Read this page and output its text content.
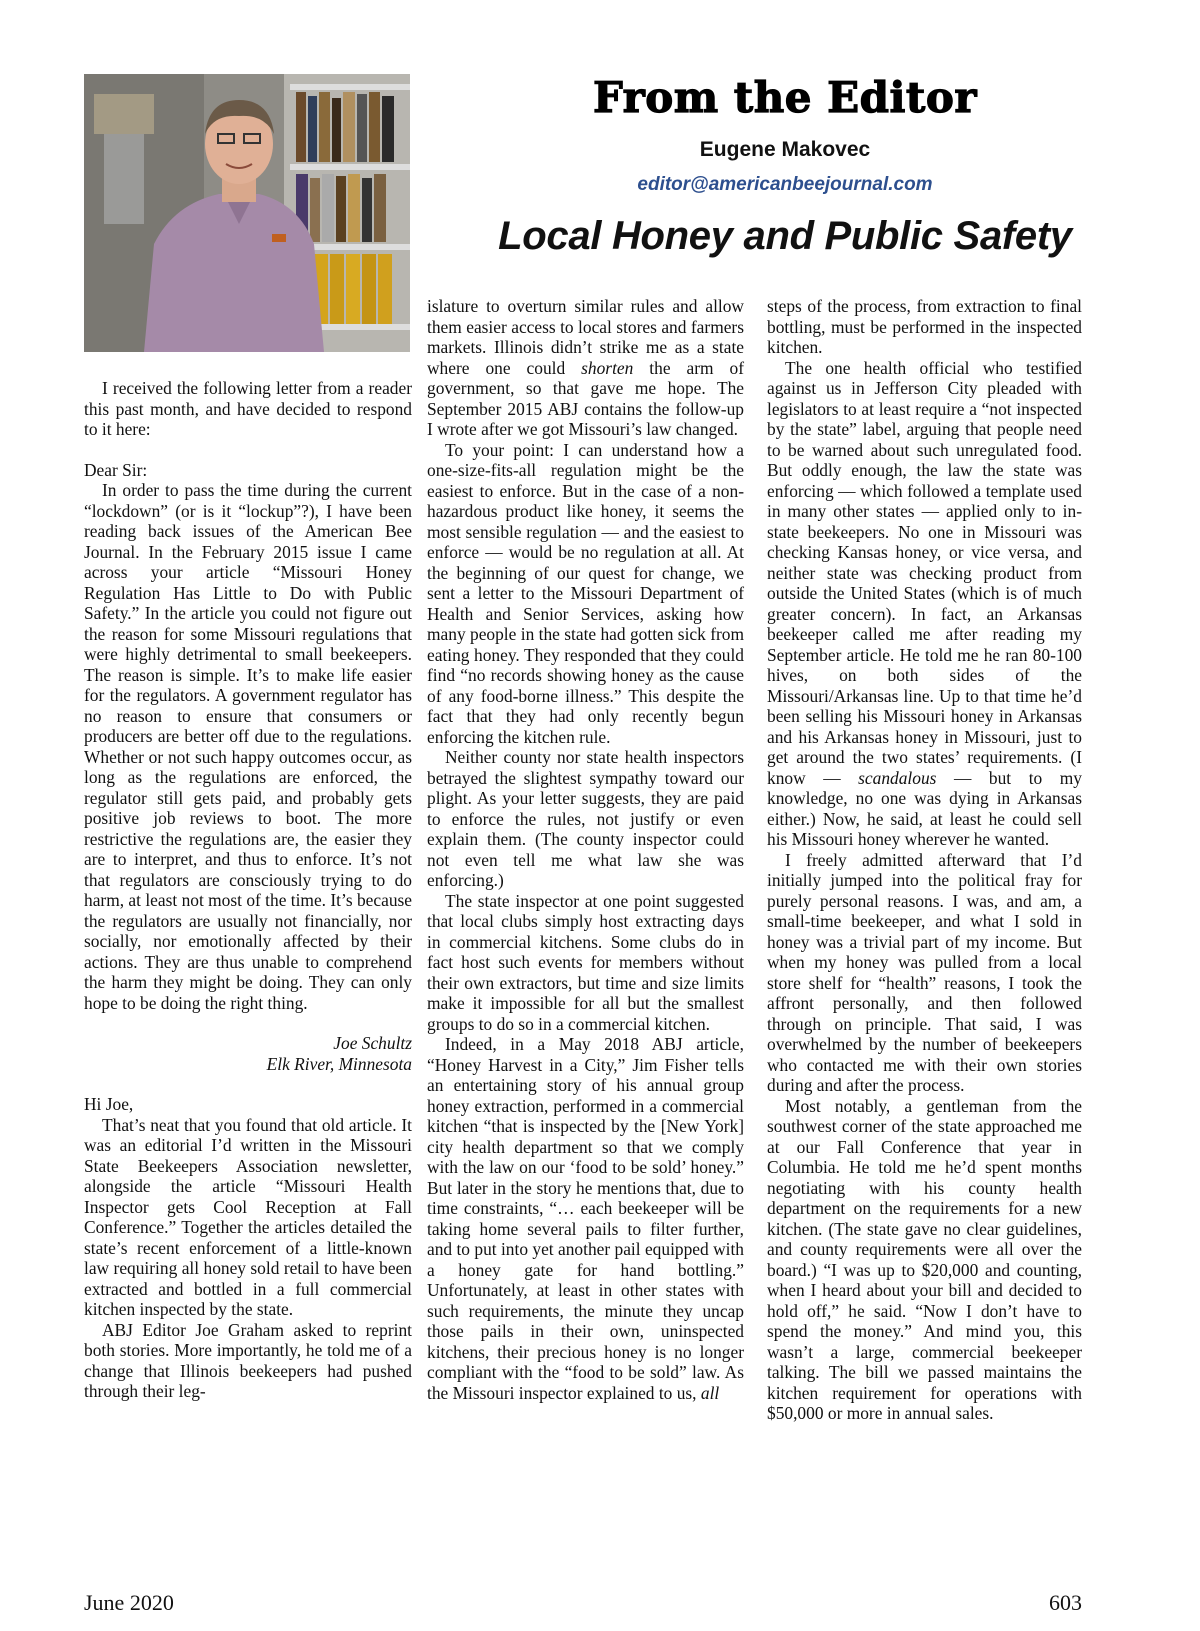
From the Editor
Eugene Makovec
editor@americanbeejournal.com
Local Honey and Public Safety

I received the following letter from a reader this past month, and have decided to respond to it here:

Dear Sir:

In order to pass the time during the current “lockdown” (or is it “lockup”?), I have been reading back issues of the American Bee Journal. In the February 2015 issue I came across your article “Missouri Honey Regulation Has Little to Do with Public Safety.” In the article you could not figure out the reason for some Missouri regulations that were highly detrimental to small beekeepers. The reason is simple. It’s to make life easier for the regulators. A government regulator has no reason to ensure that consumers or producers are better off due to the regulations. Whether or not such happy outcomes occur, as long as the regulations are enforced, the regulator still gets paid, and probably gets positive job reviews to boot. The more restrictive the regulations are, the easier they are to interpret, and thus to enforce. It’s not that regulators are consciously trying to do harm, at least not most of the time. It’s because the regulators are usually not financially, nor socially, nor emotionally affected by their actions. They are thus unable to comprehend the harm they might be doing. They can only hope to be doing the right thing.

Joe Schultz

Elk River, Minnesota

Hi Joe,

That’s neat that you found that old article. It was an editorial I’d written in the Missouri State Beekeepers Association newsletter, alongside the article “Missouri Health Inspector gets Cool Reception at Fall Conference.” Together the articles detailed the state’s recent enforcement of a little-known law requiring all honey sold retail to have been extracted and bottled in a full commercial kitchen inspected by the state.

ABJ Editor Joe Graham asked to reprint both stories. More importantly, he told me of a change that Illinois beekeepers had pushed through their leg-

islature to overturn similar rules and allow them easier access to local stores and farmers markets. Illinois didn’t strike me as a state where one could shorten the arm of government, so that gave me hope. The September 2015 ABJ contains the follow-up I wrote after we got Missouri’s law changed.

To your point: I can understand how a one-size-fits-all regulation might be the easiest to enforce. But in the case of a non-hazardous product like honey, it seems the most sensible regulation — and the easiest to enforce — would be no regulation at all. At the beginning of our quest for change, we sent a letter to the Missouri Department of Health and Senior Services, asking how many people in the state had gotten sick from eating honey. They responded that they could find “no records showing honey as the cause of any food-borne illness.” This despite the fact that they had only recently begun enforcing the kitchen rule.

Neither county nor state health inspectors betrayed the slightest sympathy toward our plight. As your letter suggests, they are paid to enforce the rules, not justify or even explain them. (The county inspector could not even tell me what law she was enforcing.)

The state inspector at one point suggested that local clubs simply host extracting days in commercial kitchens. Some clubs do in fact host such events for members without their own extractors, but time and size limits make it impossible for all but the smallest groups to do so in a commercial kitchen.

Indeed, in a May 2018 ABJ article, “Honey Harvest in a City,” Jim Fisher tells an entertaining story of his annual group honey extraction, performed in a commercial kitchen “that is inspected by the [New York] city health department so that we comply with the law on our ‘food to be sold’ honey.” But later in the story he mentions that, due to time constraints, “… each beekeeper will be taking home several pails to filter further, and to put into yet another pail equipped with a honey gate for hand bottling.” Unfortunately, at least in other states with such requirements, the minute they uncap those pails in their own, uninspected kitchens, their precious honey is no longer compliant with the “food to be sold” law. As the Missouri inspector explained to us, all

steps of the process, from extraction to final bottling, must be performed in the inspected kitchen.

The one health official who testified against us in Jefferson City pleaded with legislators to at least require a “not inspected by the state” label, arguing that people need to be warned about such unregulated food. But oddly enough, the law the state was enforcing — which followed a template used in many other states — applied only to in-state beekeepers. No one in Missouri was checking Kansas honey, or vice versa, and neither state was checking product from outside the United States (which is of much greater concern). In fact, an Arkansas beekeeper called me after reading my September article. He told me he ran 80-100 hives, on both sides of the Missouri/Arkansas line. Up to that time he’d been selling his Missouri honey in Arkansas and his Arkansas honey in Missouri, just to get around the two states’ requirements. (I know — scandalous — but to my knowledge, no one was dying in Arkansas either.) Now, he said, at least he could sell his Missouri honey wherever he wanted.

I freely admitted afterward that I’d initially jumped into the political fray for purely personal reasons. I was, and am, a small-time beekeeper, and what I sold in honey was a trivial part of my income. But when my honey was pulled from a local store shelf for “health” reasons, I took the affront personally, and then followed through on principle. That said, I was overwhelmed by the number of beekeepers who contacted me with their own stories during and after the process.

Most notably, a gentleman from the southwest corner of the state approached me at our Fall Conference that year in Columbia. He told me he’d spent months negotiating with his county health department on the requirements for a new kitchen. (The state gave no clear guidelines, and county requirements were all over the board.) “I was up to $20,000 and counting, when I heard about your bill and decided to hold off,” he said. “Now I don’t have to spend the money.” And mind you, this wasn’t a large, commercial beekeeper talking. The bill we passed maintains the kitchen requirement for operations with $50,000 or more in annual sales.

June 2020	603
